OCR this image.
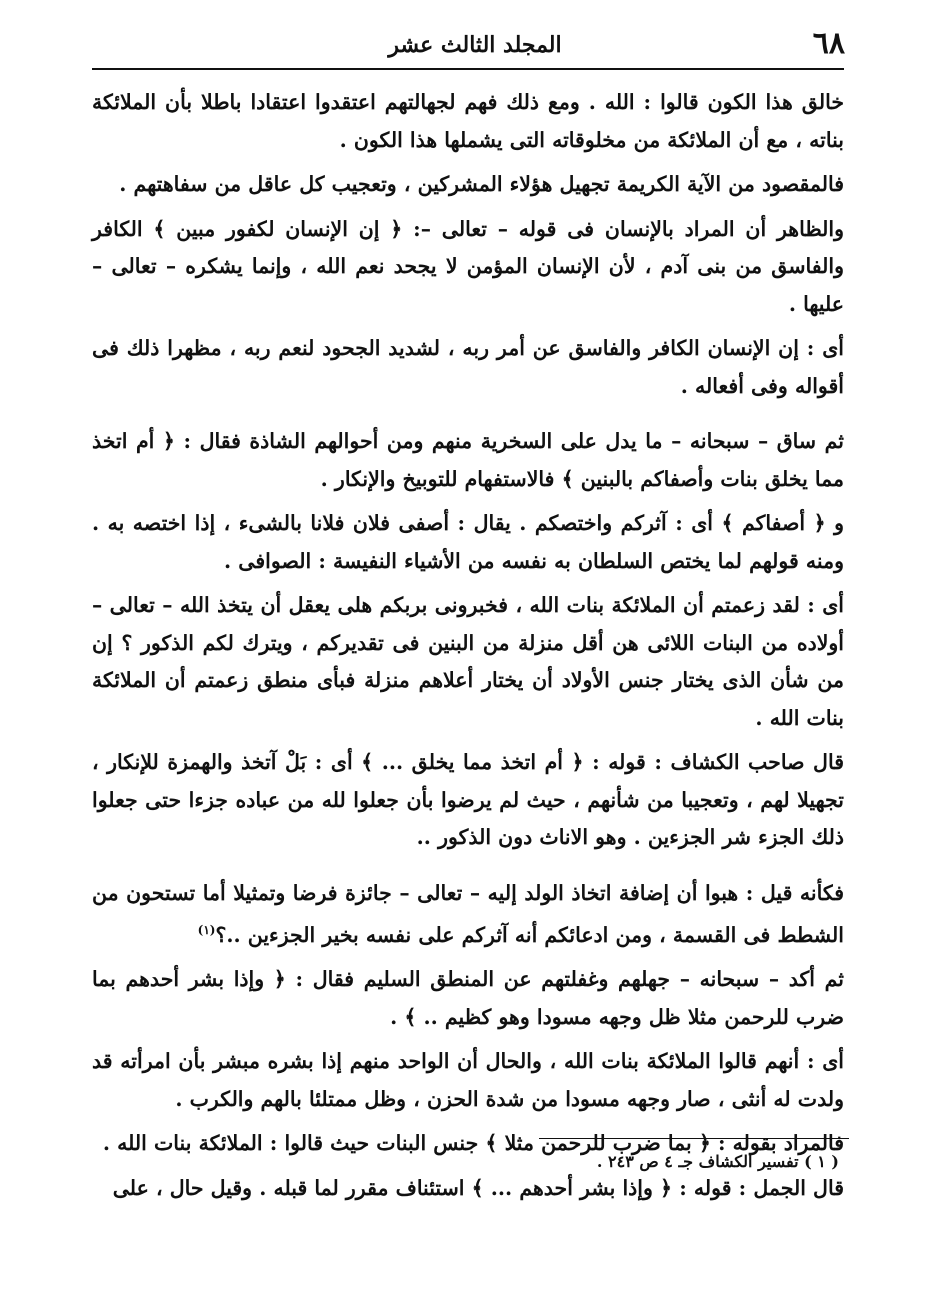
٦٨
المجلد الثالث عشر

خالق هذا الكون قالوا : الله . ومع ذلك فهم لجهالتهم اعتقدوا اعتقادا باطلا بأن الملائكة بناته ، مع أن الملائكة من مخلوقاته التى يشملها هذا الكون .

فالمقصود من الآية الكريمة تجهيل هؤلاء المشركين ، وتعجيب كل عاقل من سفاهتهم .

والظاهر أن المراد بالإنسان فى قوله – تعالى –: ﴿ إن الإنسان لكفور مبين ﴾ الكافر والفاسق من بنى آدم ، لأن الإنسان المؤمن لا يجحد نعم الله ، وإنما يشكره – تعالى – عليها .

أى : إن الإنسان الكافر والفاسق عن أمر ربه ، لشديد الجحود لنعم ربه ، مظهرا ذلك فى أقواله وفى أفعاله .

ثم ساق – سبحانه – ما يدل على السخرية منهم ومن أحوالهم الشاذة فقال : ﴿ أم اتخذ مما يخلق بنات وأصفاكم بالبنين ﴾ فالاستفهام للتوبيخ والإنكار .

و ﴿ أصفاكم ﴾ أى : آثركم واختصكم . يقال : أصفى فلان فلانا بالشىء ، إذا اختصه به . ومنه قولهم لما يختص السلطان به نفسه من الأشياء النفيسة : الصوافى .

أى : لقد زعمتم أن الملائكة بنات الله ، فخبرونى بربكم هلى يعقل أن يتخذ الله – تعالى – أولاده من البنات اللائى هن أقل منزلة من البنين فى تقديركم ، ويترك لكم الذكور ؟ إن من شأن الذى يختار جنس الأولاد أن يختار أعلاهم منزلة فبأى منطق زعمتم أن الملائكة بنات الله .

قال صاحب الكشاف : قوله : ﴿ أم اتخذ مما يخلق ... ﴾ أى : بَلْ آتخذ والهمزة للإنكار ، تجهيلا لهم ، وتعجيبا من شأنهم ، حيث لم يرضوا بأن جعلوا لله من عباده جزءا حتى جعلوا ذلك الجزء شر الجزءين . وهو الاناث دون الذكور ..

فكأنه قيل : هبوا أن إضافة اتخاذ الولد إليه – تعالى – جائزة فرضا وتمثيلا أما تستحون من الشطط فى القسمة ، ومن ادعائكم أنه آثركم على نفسه بخير الجزءين ..؟$^{(١)}$

ثم أكد – سبحانه – جهلهم وغفلتهم عن المنطق السليم فقال : ﴿ وإذا بشر أحدهم بما ضرب للرحمن مثلا ظل وجهه مسودا وهو كظيم .. ﴾ .

أى : أنهم قالوا الملائكة بنات الله ، والحال أن الواحد منهم إذا بشره مبشر بأن امرأته قد ولدت له أنثى ، صار وجهه مسودا من شدة الحزن ، وظل ممتلئا بالهم والكرب .

فالمراد بقوله : ﴿ بما ضرب للرحمن مثلا ﴾ جنس البنات حيث قالوا : الملائكة بنات الله .

قال الجمل : قوله : ﴿ وإذا بشر أحدهم ... ﴾ استئناف مقرر لما قبله . وقيل حال ، على

( ١ ) تفسير الكشاف جـ ٤ ص ٢٤٣ .
